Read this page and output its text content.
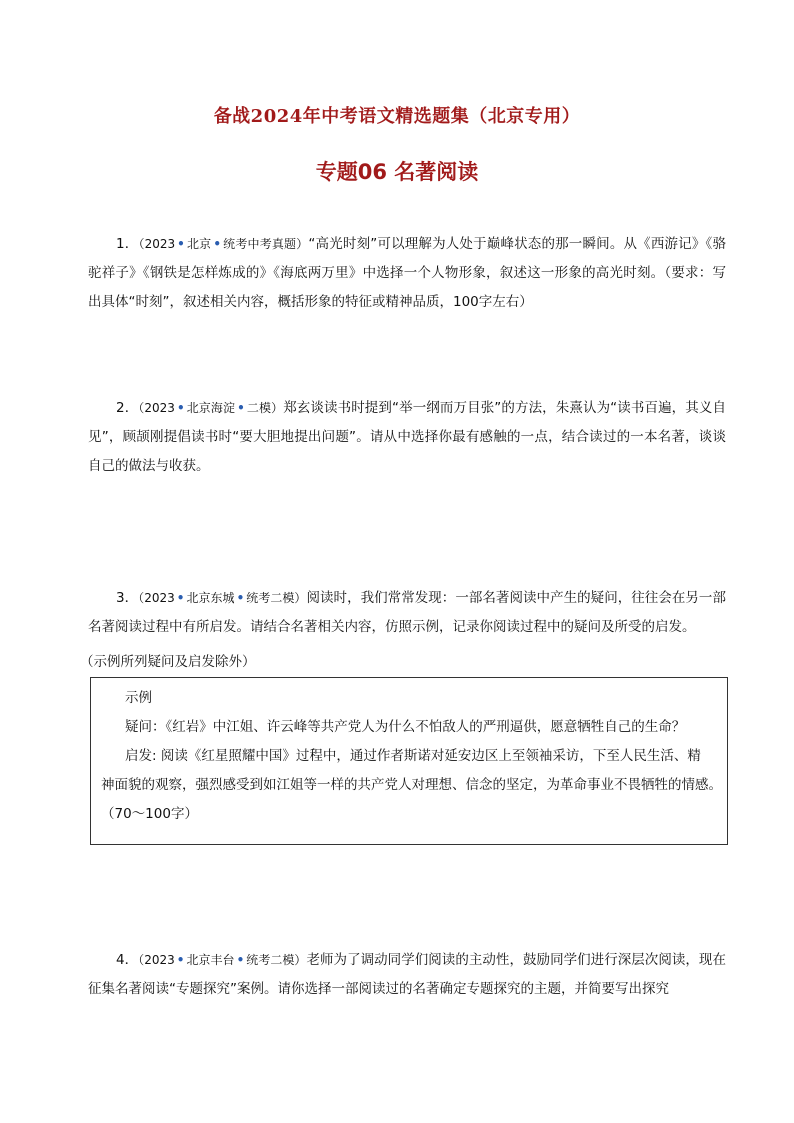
备战2024年中考语文精选题集（北京专用）
专题06 名著阅读
1．（2023 • 北京 • 统考中考真题）“高光时刻”可以理解为人处于巅峰状态的那一瞬间。从《西游记》《骆驼祥子》《钢铁是怎样炼成的》《海底两万里》中选择一个人物形象，叙述这一形象的高光时刻。（要求：写出具体“时刻”，叙述相关内容，概括形象的特征或精神品质，100字左右）
2．（2023 • 北京海淀 • 二模）郑玄谈读书时提到“举一纲而万目张”的方法，朱熹认为“读书百遍，其义自见”，顾颉刚提倡读书时“要大胆地提出问题”。请从中选择你最有感触的一点，结合读过的一本名著，谈谈自己的做法与收获。
3．（2023 • 北京东城 • 统考二模）阅读时，我们常常发现：一部名著阅读中产生的疑问，往往会在另一部名著阅读过程中有所启发。请结合名著相关内容，仿照示例，记录你阅读过程中的疑问及所受的启发。
（示例所列疑问及启发除外）
示例
疑问：《红岩》中江姐、许云峰等共产党人为什么不怕敌人的严刑逼供，愿意牺牲自己的生命？
启发: 阅读《红星照耀中国》过程中，通过作者斯诺对延安边区上至领袖采访，下至人民生活、精
神面貌的观察，强烈感受到如江姐等一样的共产党人对理想、信念的坚定，为革命事业不畏牺牲的情感。
（70～100字）
4．（2023 • 北京丰台 • 统考二模）老师为了调动同学们阅读的主动性，鼓励同学们进行深层次阅读，现在征集名著阅读“专题探究”案例。请你选择一部阅读过的名著确定专题探究的主题，并简要写出探究
